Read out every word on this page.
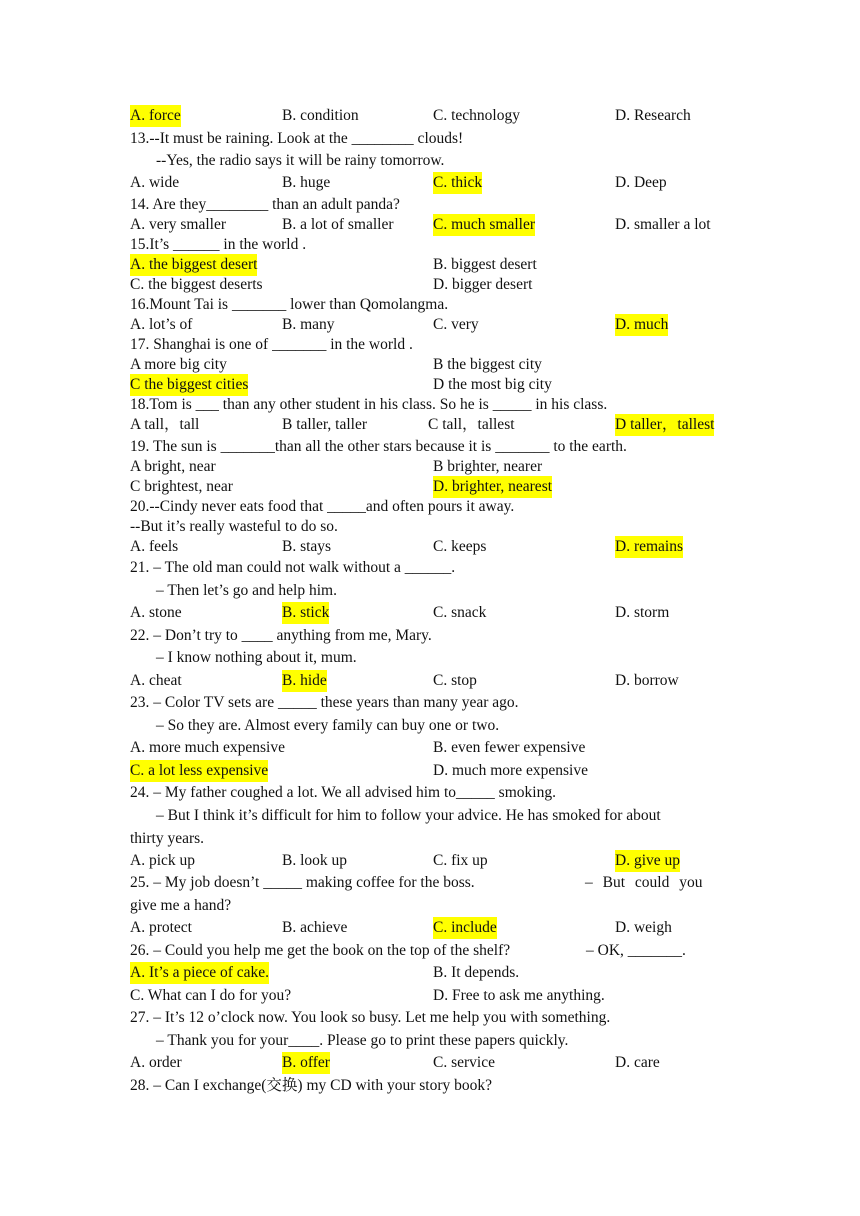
A. force	B. condition	C. technology	D. Research
13.--It must be raining. Look at the ________ clouds!
--Yes, the radio says it will be rainy tomorrow.
A. wide	B. huge	C. thick	D. Deep
14. Are they________ than an adult panda?
A. very smaller	B. a lot of smaller	C. much smaller	D. smaller a lot
15.It’s ______ in the world .
A. the biggest desert	B. biggest desert
C. the biggest deserts	D. bigger desert
16.Mount Tai is _______ lower than Qomolangma.
A. lot’s of	B. many	C. very	D. much
17. Shanghai is one of _______ in the world .
A more big city	B the biggest city
C the biggest cities	D the most big city
18.Tom is ___ than any other student in his class. So he is _____ in his class.
A tall，tall	B taller, taller	C tall，tallest	D taller，tallest
19. The sun is _______than all the other stars because it is _______ to the earth.
A bright, near	B brighter, nearer
C brightest, near	D. brighter, nearest
20.--Cindy never eats food that _____and often pours it away.
--But it’s really wasteful to do so.
A. feels	B. stays	C. keeps	D. remains
21. – The old man could not walk without a ______.
– Then let’s go and help him.
A. stone	B. stick	C. snack	D. storm
22. – Don’t try to ____ anything from me, Mary.
– I know nothing about it, mum.
A. cheat	B. hide	C. stop	D. borrow
23. – Color TV sets are _____ these years than many year ago.
– So they are. Almost every family can buy one or two.
A. more much expensive	B. even fewer expensive
C. a lot less expensive	D. much more expensive
24. – My father coughed a lot. We all advised him to_____ smoking.
– But I think it’s difficult for him to follow your advice. He has smoked for about
thirty years.
A. pick up	B. look up	C. fix up	D. give up
25. – My job doesn’t _____ making coffee for the boss.	– But could you
give me a hand?
A. protect	B. achieve	C. include	D. weigh
26. – Could you help me get the book on the top of the shelf?	– OK, _______.
A. It’s a piece of cake.	B. It depends.
C. What can I do for you?	D. Free to ask me anything.
27. – It’s 12 o’clock now. You look so busy. Let me help you with something.
– Thank you for your____. Please go to print these papers quickly.
A. order	B. offer	C. service	D. care
28. – Can I exchange(交换) my CD with your story book?
